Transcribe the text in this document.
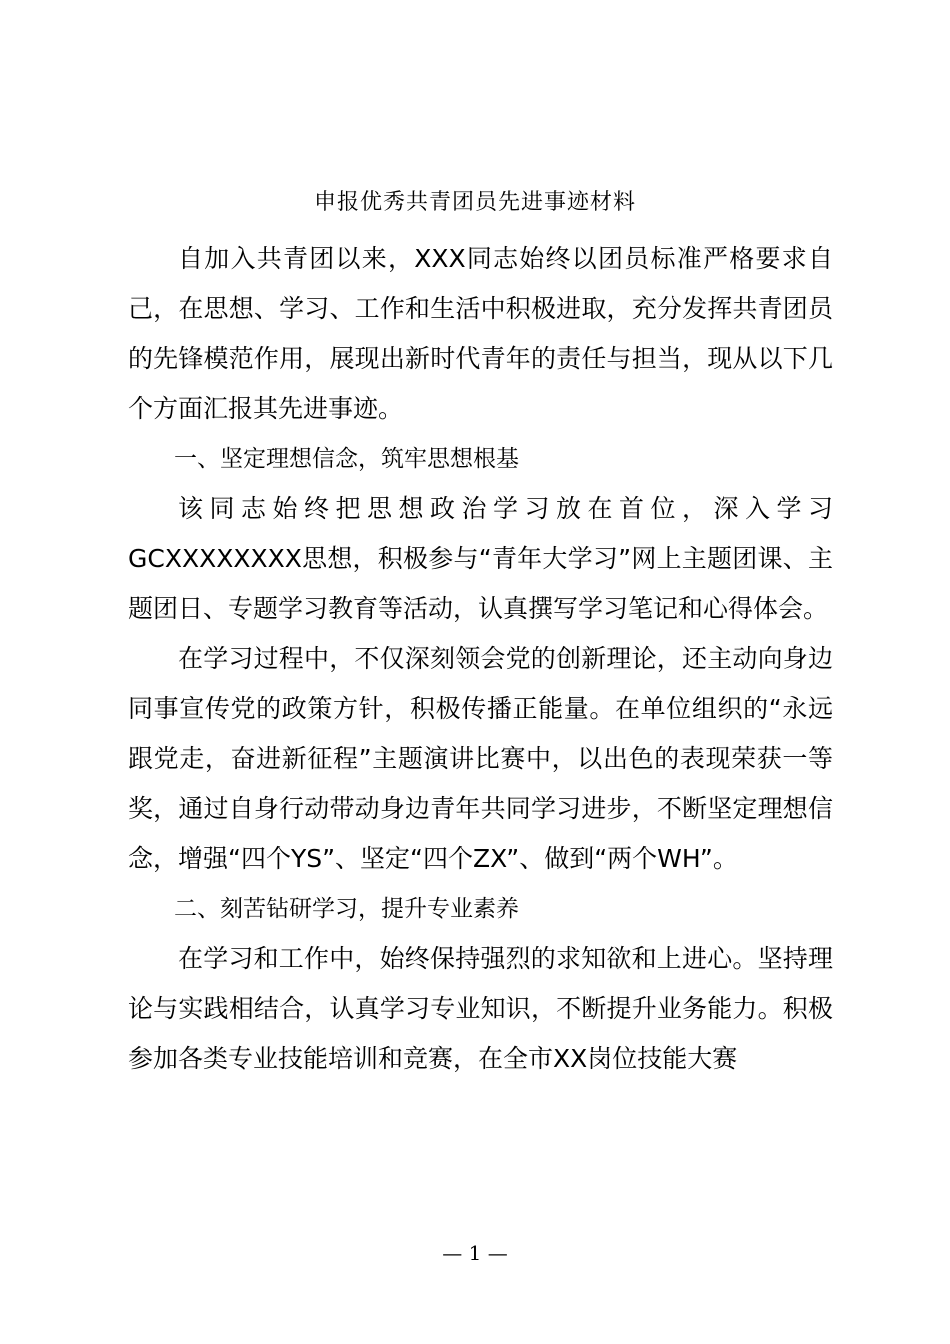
申报优秀共青团员先进事迹材料

自加入共青团以来，XXX同志始终以团员标准严格要求自己，在思想、学习、工作和生活中积极进取，充分发挥共青团员的先锋模范作用，展现出新时代青年的责任与担当，现从以下几个方面汇报其先进事迹。

一、坚定理想信念，筑牢思想根基

该同志始终把思想政治学习放在首位，深入学习GCXXXXXXXX思想，积极参与“青年大学习”网上主题团课、主题团日、专题学习教育等活动，认真撰写学习笔记和心得体会。

在学习过程中，不仅深刻领会党的创新理论，还主动向身边同事宣传党的政策方针，积极传播正能量。在单位组织的“永远跟党走，奋进新征程”主题演讲比赛中，以出色的表现荣获一等奖，通过自身行动带动身边青年共同学习进步，不断坚定理想信念，增强“四个YS”、坚定“四个ZX”、做到“两个WH”。

二、刻苦钻研学习，提升专业素养

在学习和工作中，始终保持强烈的求知欲和上进心。坚持理论与实践相结合，认真学习专业知识，不断提升业务能力。积极参加各类专业技能培训和竞赛，在全市XX岗位技能大赛

— 1 —
